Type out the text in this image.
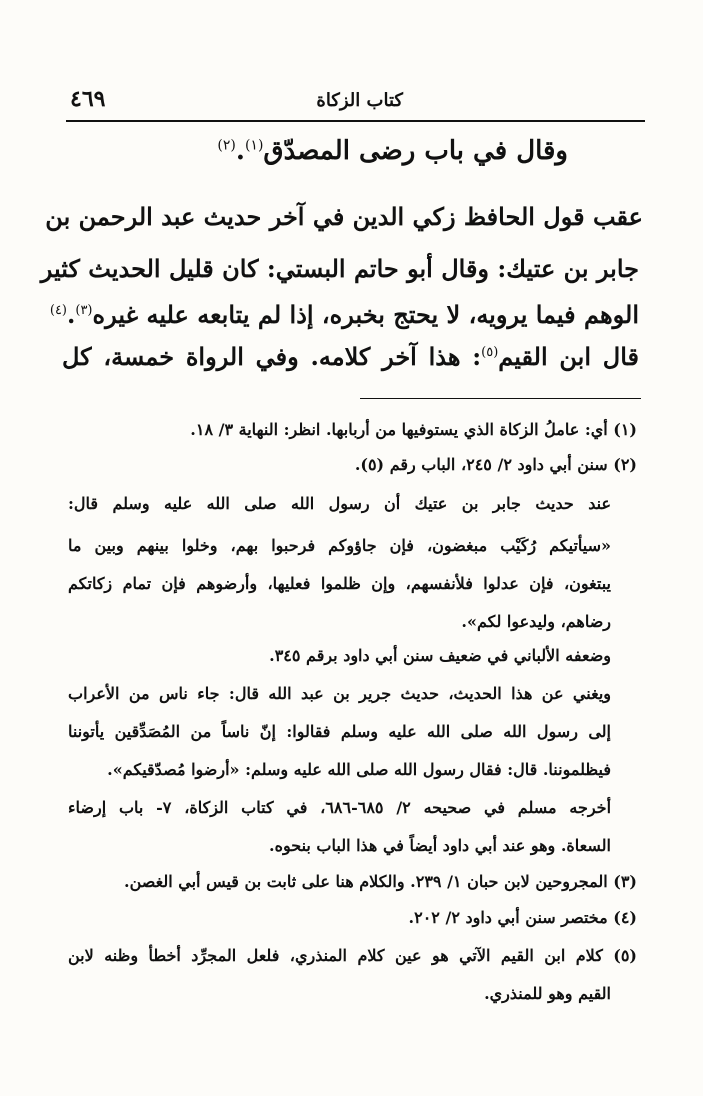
كتاب الزكاة
٤٦٩
وقال في باب رضى المصدّق$^{(١)}$.$^{(٢)}$
عقب قول الحافظ زكي الدين في آخر حديث عبد الرحمن بن
جابر بن عتيك: وقال أبو حاتم البستي: كان قليل الحديث كثير
الوهم فيما يرويه، لا يحتج بخبره، إذا لم يتابعه عليه غيره$^{(٣)}$.$^{(٤)}$
قال ابن القيم$^{(٥)}$: هذا آخر كلامه. وفي الرواة خمسة، كل
(١) أي: عاملُ الزكاة الذي يستوفيها من أربابها. انظر: النهاية ٣/ ١٨.
(٢) سنن أبي داود ٢/ ٢٤٥، الباب رقم (٥).
عند حديث جابر بن عتيك أن رسول الله صلى الله عليه وسلم قال:
«سيأتيكم رُكَيْب مبغضون، فإن جاؤوكم فرحبوا بهم، وخلوا بينهم وبين ما
يبتغون، فإن عدلوا فلأنفسهم، وإن ظلموا فعليها، وأرضوهم فإن تمام زكاتكم
رضاهم، وليدعوا لكم».
وضعفه الألباني في ضعيف سنن أبي داود برقم ٣٤٥.
ويغني عن هذا الحديث، حديث جرير بن عبد الله قال: جاء ناس من الأعراب
إلى رسول الله صلى الله عليه وسلم فقالوا: إنّ ناساً من المُصَدِّقين يأتوننا
فيظلموننا. قال: فقال رسول الله صلى الله عليه وسلم: «أرضوا مُصدّقيكم».
أخرجه مسلم في صحيحه ٢/ ٦٨٥-٦٨٦، في كتاب الزكاة، ٧- باب إرضاء
السعاة. وهو عند أبي داود أيضاً في هذا الباب بنحوه.
(٣) المجروحين لابن حبان ١/ ٢٣٩. والكلام هنا على ثابت بن قيس أبي الغصن.
(٤) مختصر سنن أبي داود ٢/ ٢٠٢.
(٥) كلام ابن القيم الآتي هو عين كلام المنذري، فلعل المجرِّد أخطأ وظنه لابن
القيم وهو للمنذري.
